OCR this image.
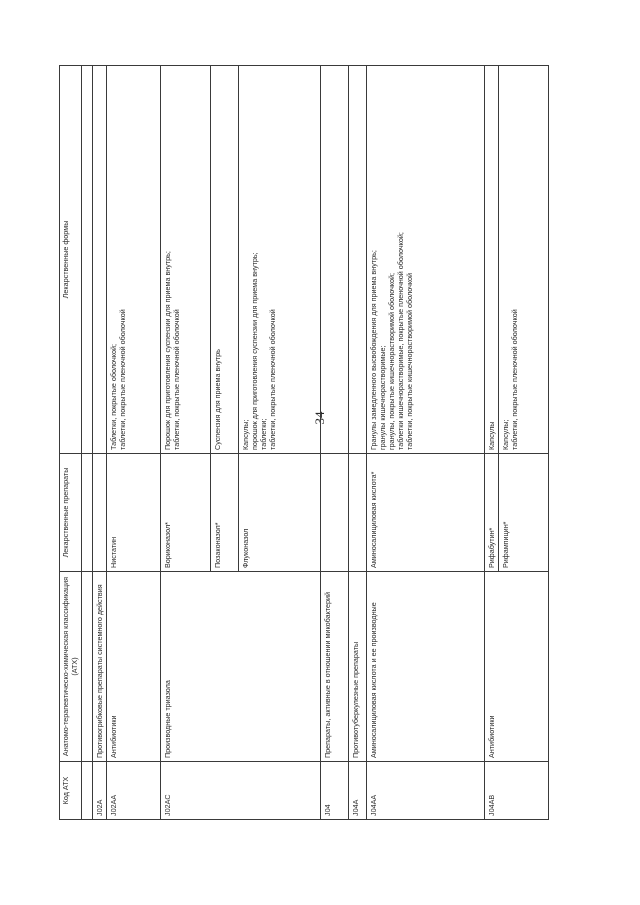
34
Код АТХ	Анатомо-терапевтическо-химическая классификация (АТХ)	Лекарственные препараты	Лекарственные формы

J02A	Противогрибковые препараты системного действия		
J02AA	Антибиотики	Нистатин	Таблетки, покрытые оболочкой; таблетки, покрытые пленочной оболочкой

J02AC	Производные триазола	Вориконазол*	Порошок для приготовления суспензии для приема внутрь; таблетки, покрытые пленочной оболочкой

		Позаконазол*	Суспензия для приема внутрь

		Флуконазол	Капсулы; порошок для приготовления суспензии для приема внутрь; таблетки; таблетки, покрытые пленочной оболочкой

J04	Препараты, активные в отношении микобактерий		
J04A	Противотуберкулезные препараты		
J04AA	Аминосалициловая кислота и ее производные	Аминосалициловая кислота*	Гранулы замедленного высвобождения для приема внутрь; гранулы кишечнорастворимые; гранулы, покрытые кишечнорастворимой оболочкой; таблетки кишечнорастворимые, покрытые пленочной оболочкой; таблетки, покрытые кишечнорастворимой оболочкой

J04AB	Антибиотики	Рифабутин*	Капсулы

		Рифампицин*	Капсулы; таблетки, покрытые пленочной оболочкой
